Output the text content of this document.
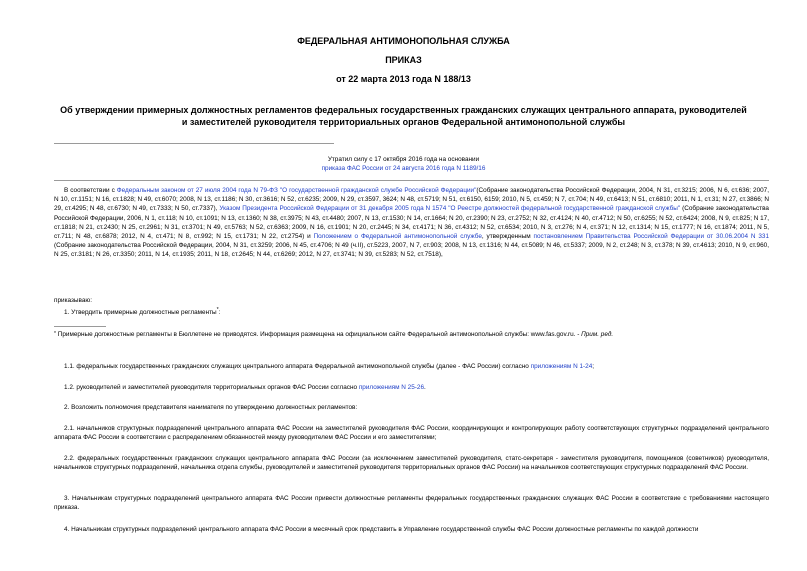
ФЕДЕРАЛЬНАЯ АНТИМОНОПОЛЬНАЯ СЛУЖБА
ПРИКАЗ
от 22 марта 2013 года N 188/13
Об утверждении примерных должностных регламентов федеральных государственных гражданских служащих центрального аппарата, руководителей и заместителей руководителя территориальных органов Федеральной антимонопольной службы
Утратил силу с 17 октября 2016 года на основании
приказа ФАС России от 24 августа 2016 года N 1189/16
В соответствии с Федеральным законом от 27 июля 2004 года N 79-ФЗ "О государственной гражданской службе Российской Федерации"(Собрание законодательства Российской Федерации, 2004, N 31, ст.3215; 2006, N 6, ст.636; 2007, N 10, ст.1151; N 16, ст.1828; N 49, ст.6070; 2008, N 13, ст.1186; N 30, ст.3616; N 52, ст.6235; 2009, N 29, ст.3597, 3624; N 48, ст.5719; N 51, ст.6150, 6159; 2010, N 5, ст.459; N 7, ст.704; N 49, ст.6413; N 51, ст.6810; 2011, N 1, ст.31; N 27, ст.3866; N 29, ст.4295; N 48, ст.6730; N 49, ст.7333; N 50, ст.7337), Указом Президента Российской Федерации от 31 декабря 2005 года N 1574 "О Реестре должностей федеральной государственной гражданской службы" (Собрание законодательства Российской Федерации, 2006, N 1, ст.118; N 10, ст.1091; N 13, ст.1360; N 38, ст.3975; N 43, ст.4480; 2007, N 13, ст.1530; N 14, ст.1664; N 20, ст.2390; N 23, ст.2752; N 32, ст.4124; N 40, ст.4712; N 50, ст.6255; N 52, ст.6424; 2008, N 9, ст.825; N 17, ст.1818; N 21, ст.2430; N 25, ст.2961; N 31, ст.3701; N 49, ст.5763; N 52, ст.6363; 2009, N 16, ст.1901; N 20, ст.2445; N 34, ст.4171; N 36, ст.4312; N 52, ст.6534; 2010, N 3, ст.276; N 4, ст.371; N 12, ст.1314; N 15, ст.1777; N 16, ст.1874; 2011, N 5, ст.711; N 48, ст.6878; 2012, N 4, ст.471; N 8, ст.992; N 15, ст.1731; N 22, ст.2754) и Положением о Федеральной антимонопольной службе, утвержденным постановлением Правительства Российской Федерации от 30.06.2004 N 331 (Собрание законодательства Российской Федерации, 2004, N 31, ст.3259; 2006, N 45, ст.4706; N 49 (ч.II), ст.5223, 2007, N 7, ст.903; 2008, N 13, ст.1316; N 44, ст.5089; N 46, ст.5337; 2009, N 2, ст.248; N 3, ст.378; N 39, ст.4613; 2010, N 9, ст.960, N 25, ст.3181; N 26, ст.3350; 2011, N 14, ст.1935; 2011, N 18, ст.2645; N 44, ст.6269; 2012, N 27, ст.3741; N 39, ст.5283; N 52, ст.7518),
приказываю:
1. Утвердить примерные должностные регламенты*:
* Примерные должностные регламенты в Бюллетене не приводятся. Информация размещена на официальном сайте Федеральной антимонопольной службы: www.fas.gov.ru. - Прим. ред.
1.1. федеральных государственных гражданских служащих центрального аппарата Федеральной антимонопольной службы (далее - ФАС России) согласно приложениям N 1-24;
1.2. руководителей и заместителей руководителя территориальных органов ФАС России согласно приложениям N 25-26.
2. Возложить полномочия представителя нанимателя по утверждению должностных регламентов:
2.1. начальников структурных подразделений центрального аппарата ФАС России на заместителей руководителя ФАС России, координирующих и контролирующих работу соответствующих структурных подразделений центрального аппарата ФАС России в соответствии с распределением обязанностей между руководителем ФАС России и его заместителями;
2.2. федеральных государственных гражданских служащих центрального аппарата ФАС России (за исключением заместителей руководителя, статс-секретаря - заместителя руководителя, помощников (советников) руководителя, начальников структурных подразделений, начальника отдела службы, руководителей и заместителей руководителя территориальных органов ФАС России) на начальников соответствующих структурных подразделений ФАС России.
3. Начальникам структурных подразделений центрального аппарата ФАС России привести должностные регламенты федеральных государственных гражданских служащих ФАС России в соответствие с требованиями настоящего приказа.
4. Начальникам структурных подразделений центрального аппарата ФАС России в месячный срок представить в Управление государственной службы ФАС России должностные регламенты по каждой должности
